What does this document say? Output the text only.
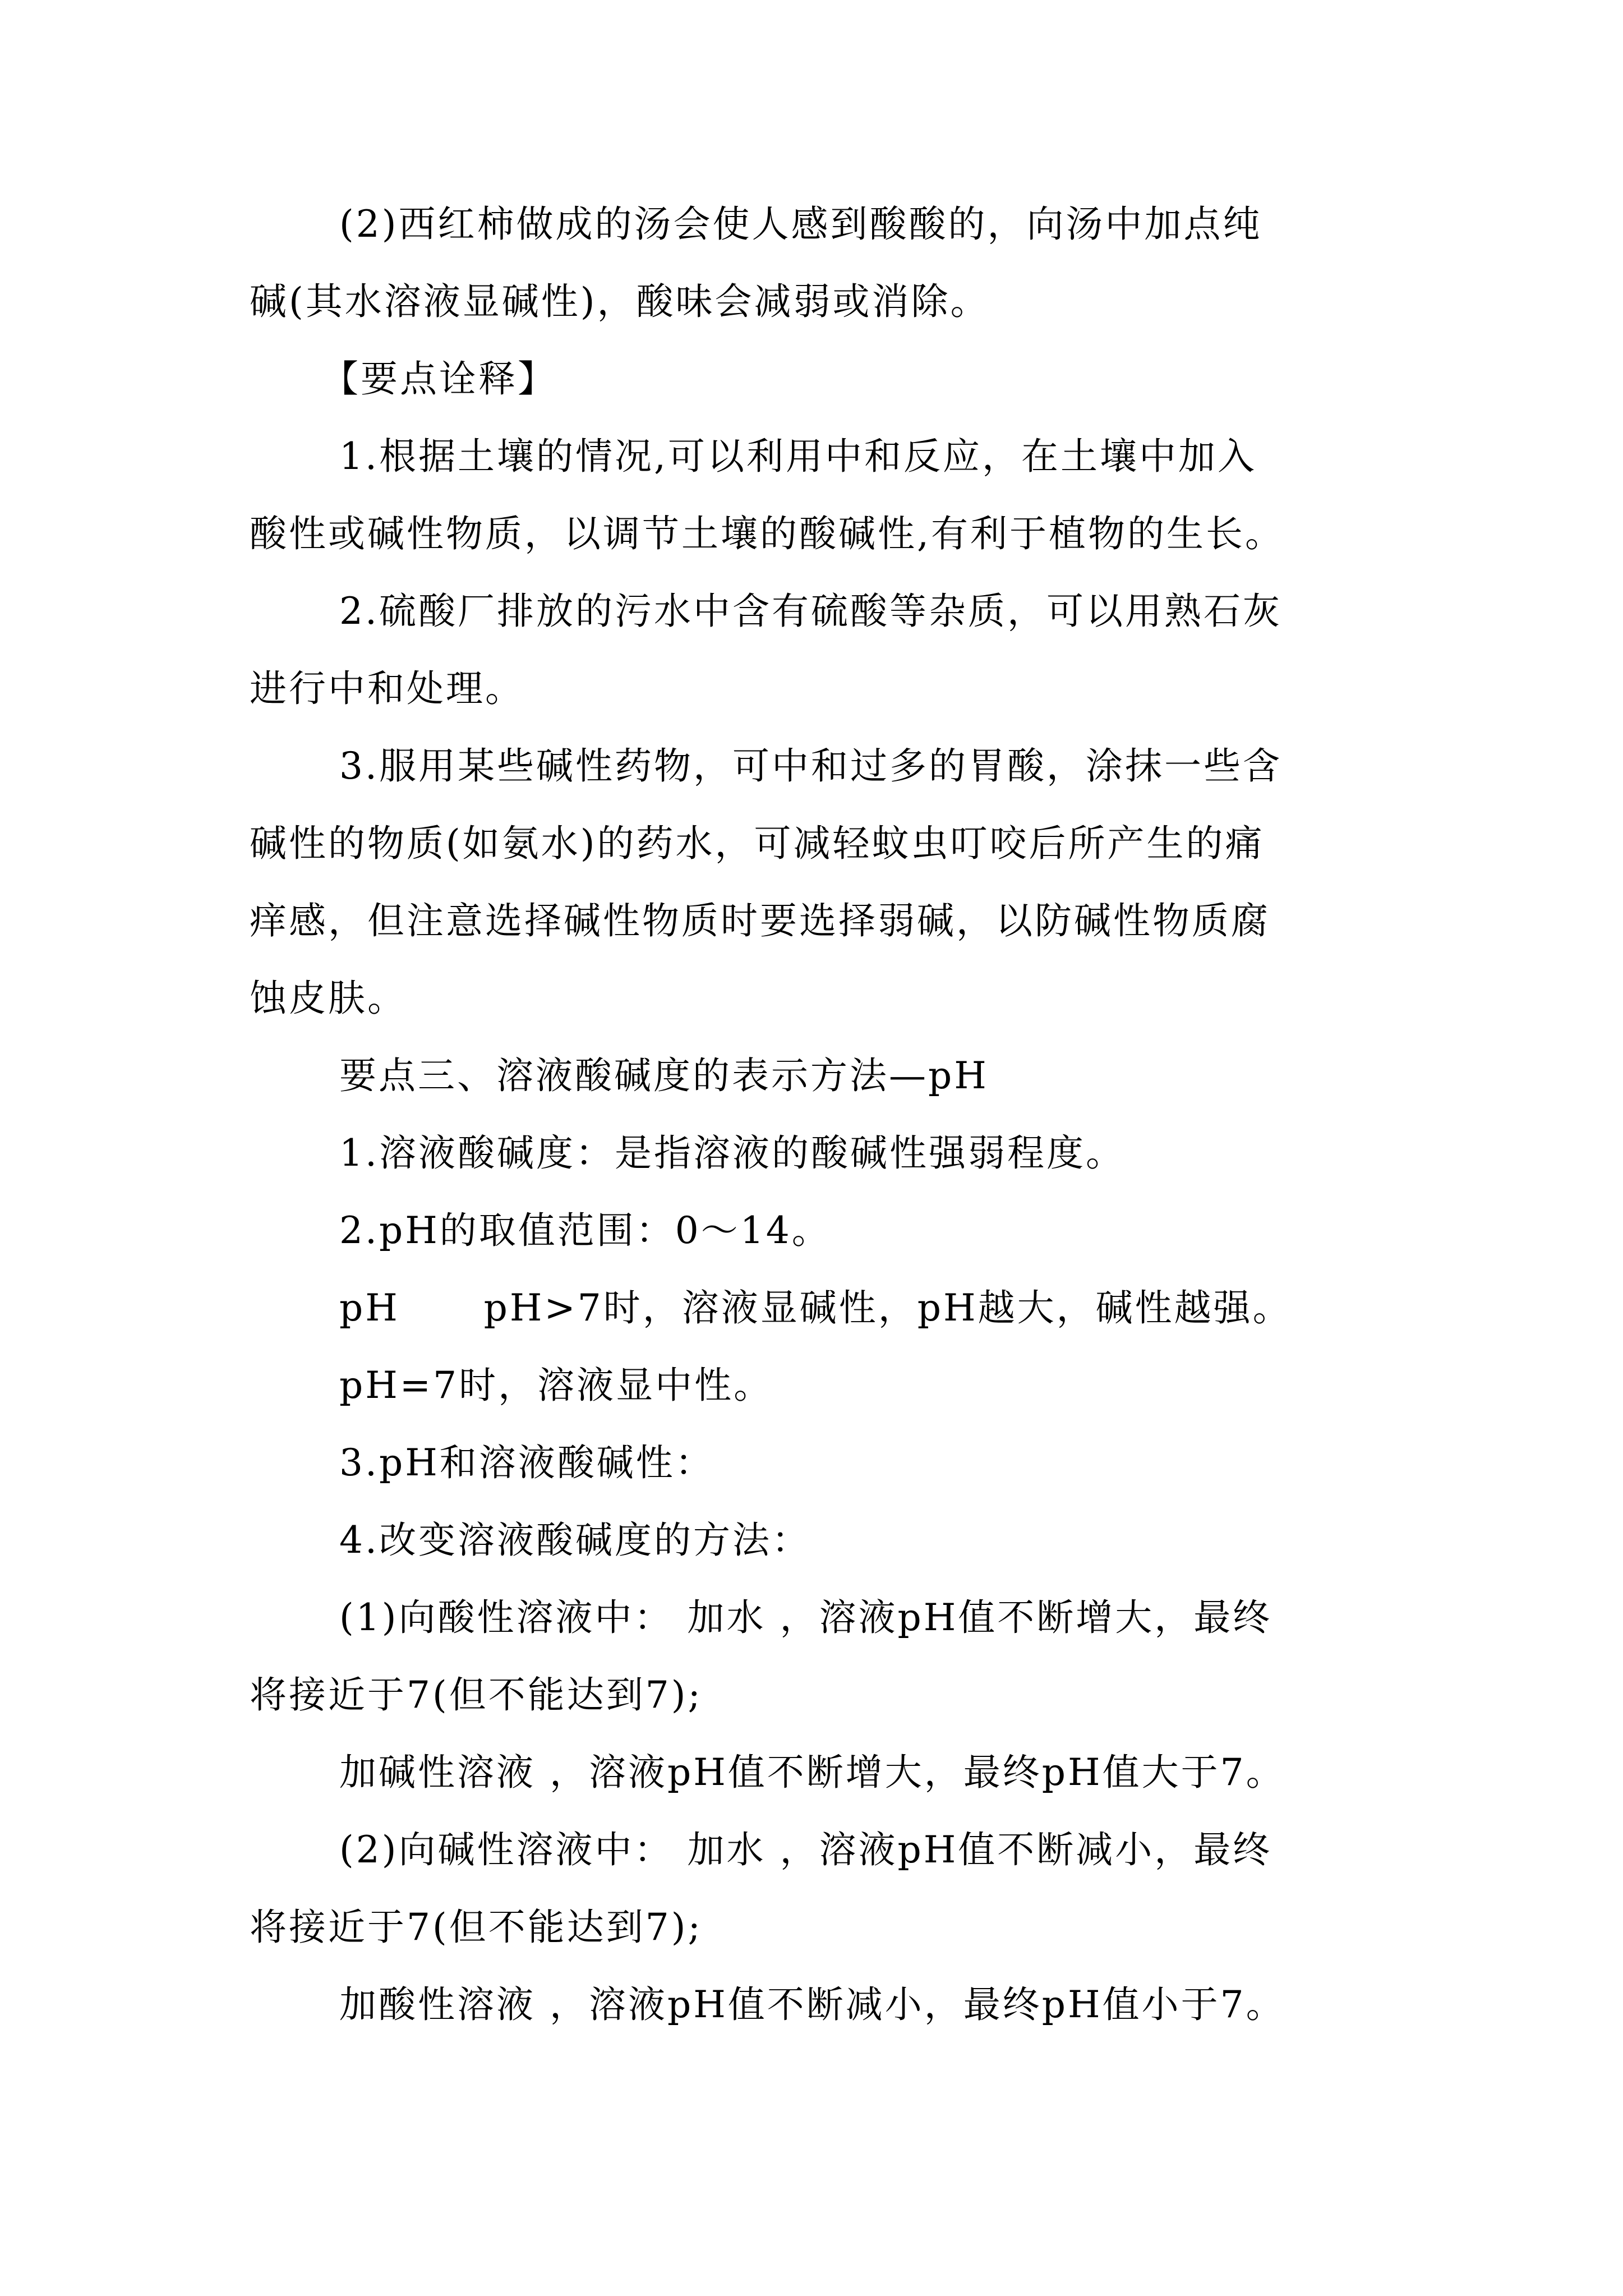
(2)西红柿做成的汤会使人感到酸酸的，向汤中加点纯
碱(其水溶液显碱性)，酸味会减弱或消除。
【要点诠释】
1.根据土壤的情况,可以利用中和反应，在土壤中加入
酸性或碱性物质，以调节土壤的酸碱性,有利于植物的生长。
2.硫酸厂排放的污水中含有硫酸等杂质，可以用熟石灰
进行中和处理。
3.服用某些碱性药物，可中和过多的胃酸，涂抹一些含
碱性的物质(如氨水)的药水，可减轻蚊虫叮咬后所产生的痛
痒感，但注意选择碱性物质时要选择弱碱，以防碱性物质腐
蚀皮肤。
要点三、溶液酸碱度的表示方法—pH
1.溶液酸碱度：是指溶液的酸碱性强弱程度。
2.pH的取值范围：0～14。
pH      pH>7时，溶液显碱性，pH越大，碱性越强。
pH=7时，溶液显中性。
3.pH和溶液酸碱性：
4.改变溶液酸碱度的方法：
(1)向酸性溶液中： 加水 ，溶液pH值不断增大，最终
将接近于7(但不能达到7);
加碱性溶液 ，溶液pH值不断增大，最终pH值大于7。
(2)向碱性溶液中： 加水 ，溶液pH值不断减小，最终
将接近于7(但不能达到7);
加酸性溶液 ，溶液pH值不断减小，最终pH值小于7。
